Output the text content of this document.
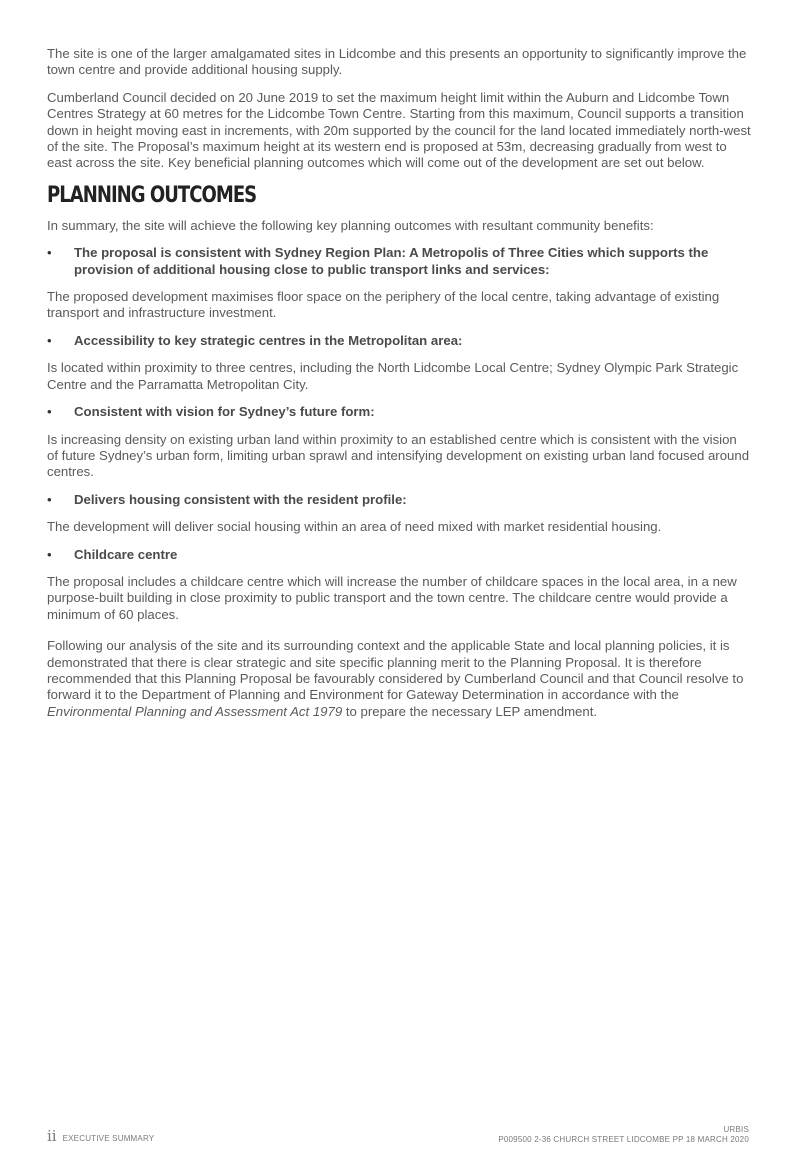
The site is one of the larger amalgamated sites in Lidcombe and this presents an opportunity to significantly improve the town centre and provide additional housing supply.

Cumberland Council decided on 20 June 2019 to set the maximum height limit within the Auburn and Lidcombe Town Centres Strategy at 60 metres for the Lidcombe Town Centre. Starting from this maximum, Council supports a transition down in height moving east in increments, with 20m supported by the council for the land located immediately north-west of the site. The Proposal’s maximum height at its western end is proposed at 53m, decreasing gradually from west to east across the site. Key beneficial planning outcomes which will come out of the development are set out below.

PLANNING OUTCOMES

In summary, the site will achieve the following key planning outcomes with resultant community benefits:

•	The proposal is consistent with Sydney Region Plan: A Metropolis of Three Cities which supports the provision of additional housing close to public transport links and services:

The proposed development maximises floor space on the periphery of the local centre, taking advantage of existing transport and infrastructure investment.

•	Accessibility to key strategic centres in the Metropolitan area:

Is located within proximity to three centres, including the North Lidcombe Local Centre; Sydney Olympic Park Strategic Centre and the Parramatta Metropolitan City.

•	Consistent with vision for Sydney’s future form:

Is increasing density on existing urban land within proximity to an established centre which is consistent with the vision of future Sydney’s urban form, limiting urban sprawl and intensifying development on existing urban land focused around centres.

•	Delivers housing consistent with the resident profile:

The development will deliver social housing within an area of need mixed with market residential housing.

•	Childcare centre

The proposal includes a childcare centre which will increase the number of childcare spaces in the local area, in a new purpose-built building in close proximity to public transport and the town centre. The childcare centre would provide a minimum of 60 places.

Following our analysis of the site and its surrounding context and the applicable State and local planning policies, it is demonstrated that there is clear strategic and site specific planning merit to the Planning Proposal. It is therefore recommended that this Planning Proposal be favourably considered by Cumberland Council and that Council resolve to forward it to the Department of Planning and Environment for Gateway Determination in accordance with the Environmental Planning and Assessment Act 1979 to prepare the necessary LEP amendment.

ii EXECUTIVE SUMMARY
URBIS
P009500 2-36 CHURCH STREET LIDCOMBE PP 18 MARCH 2020
